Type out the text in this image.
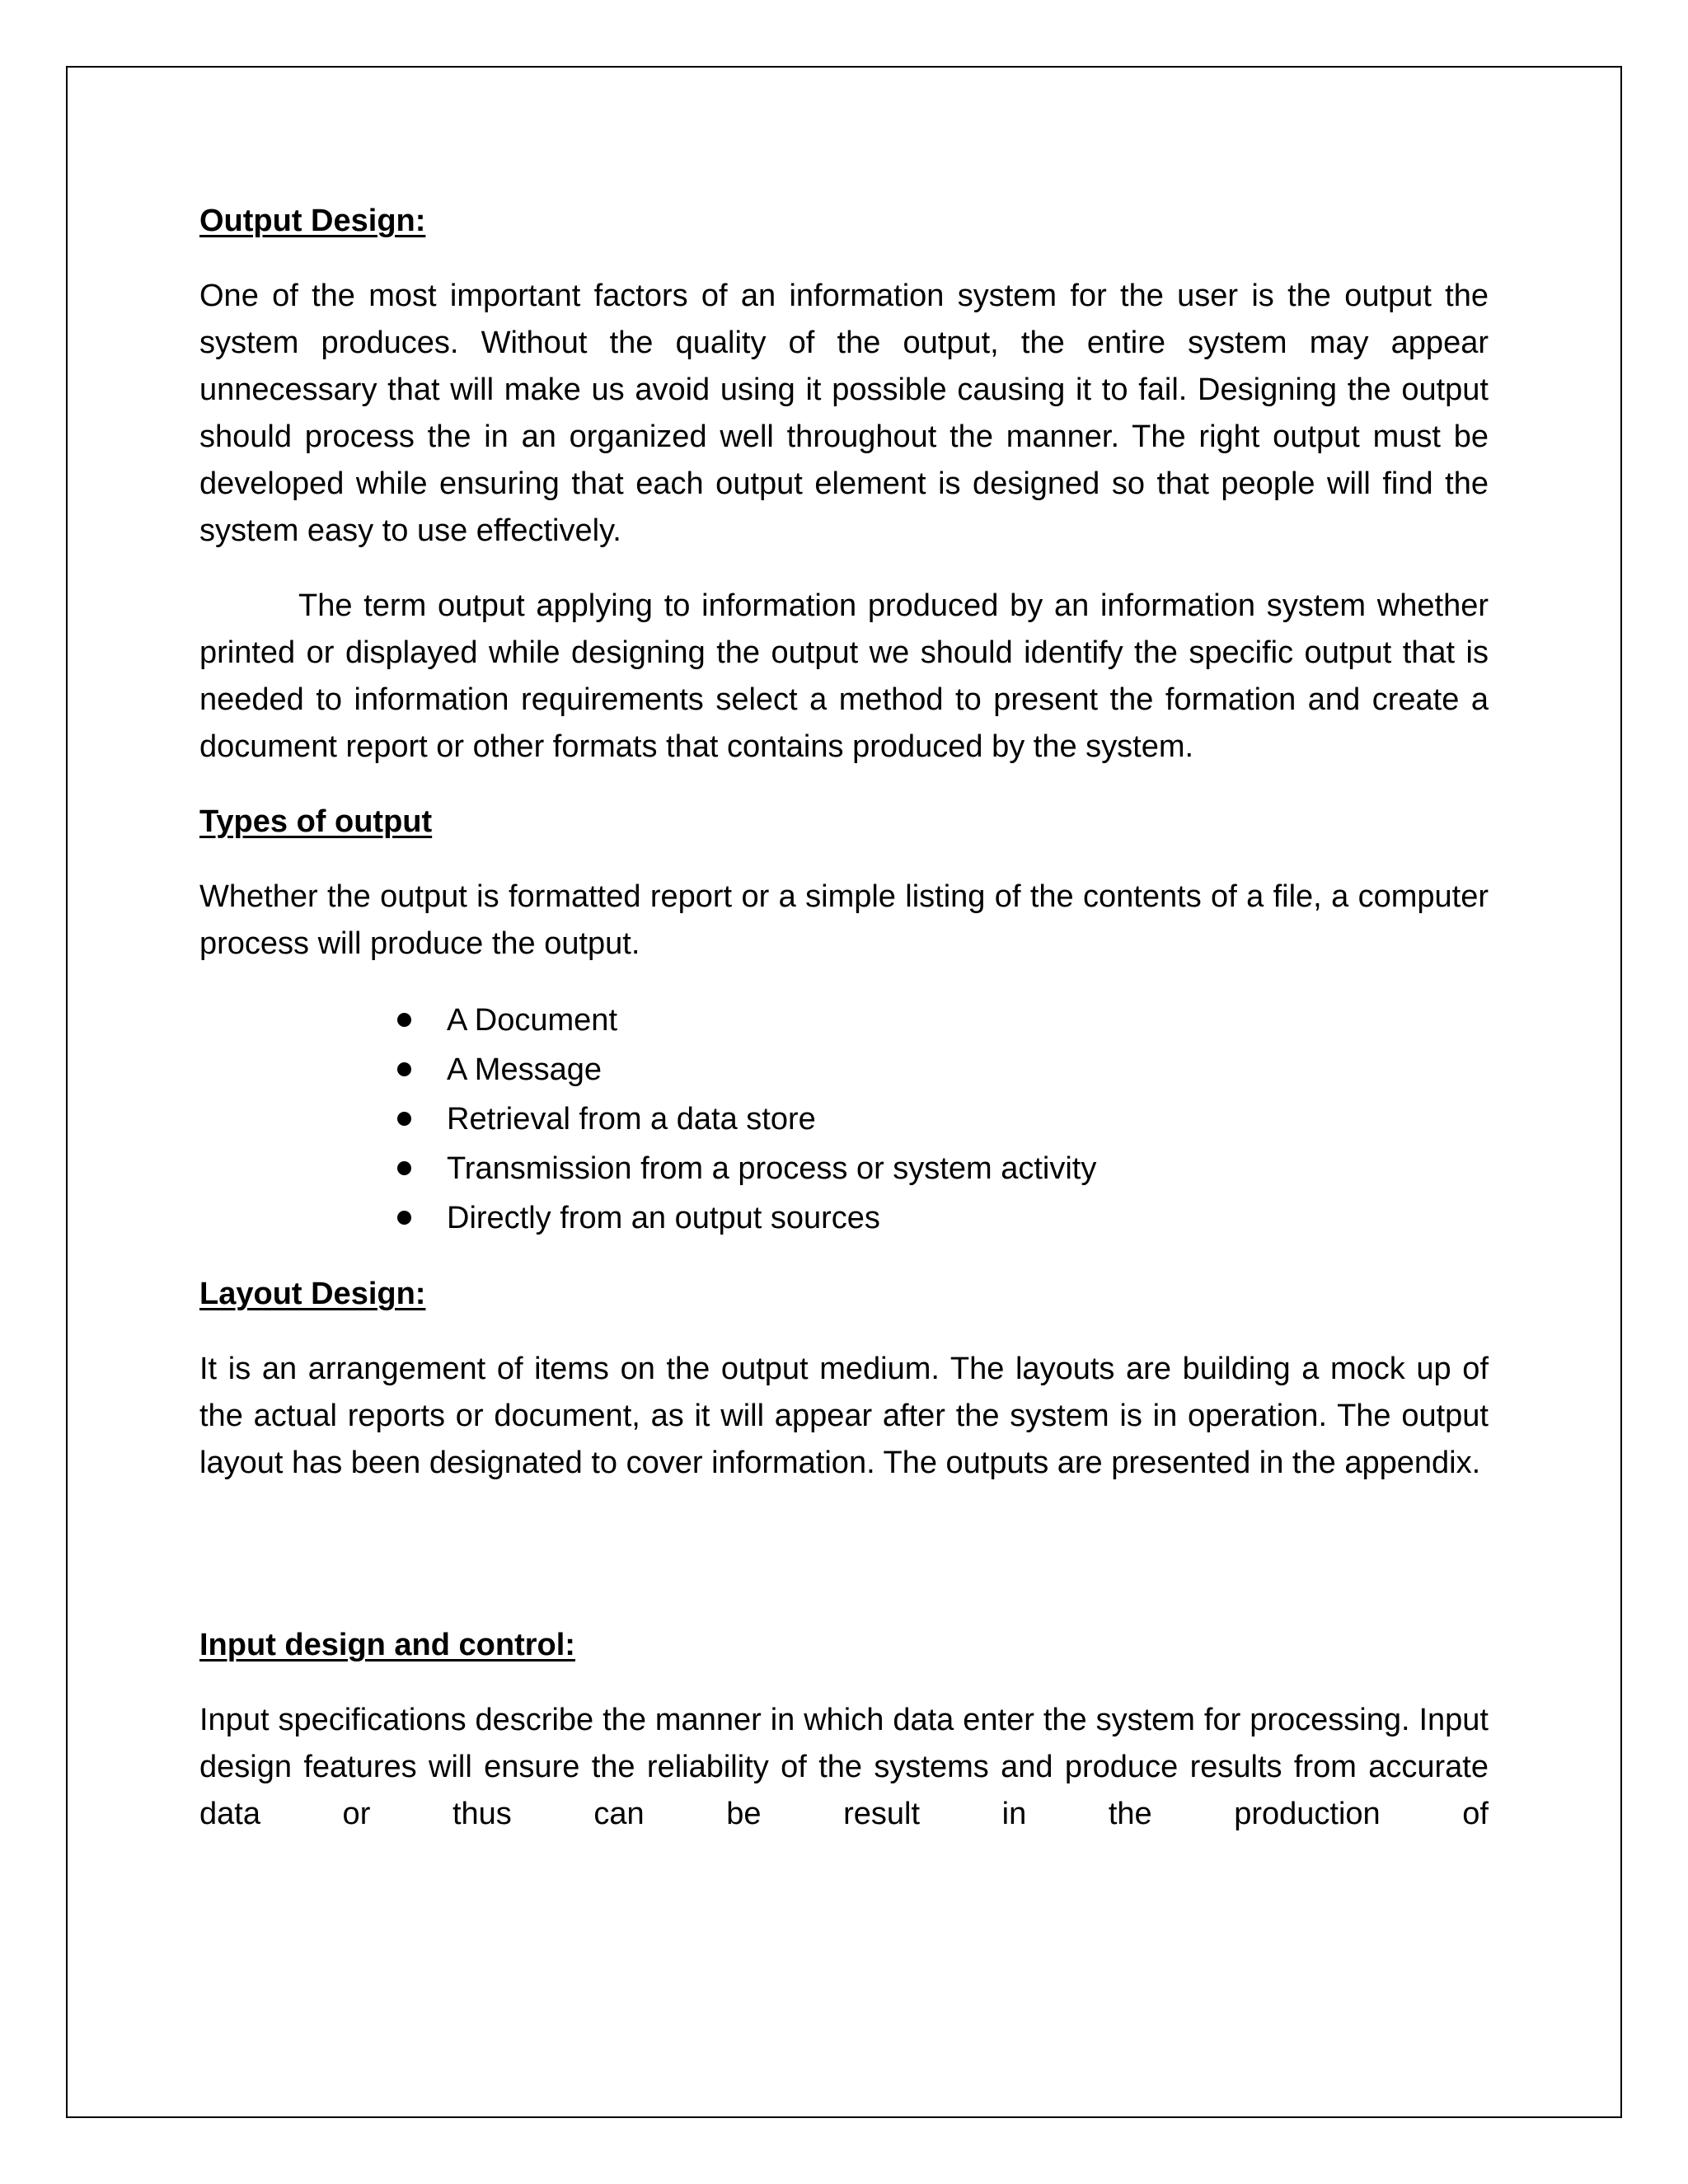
Output Design:

One of the most important factors of an information system for the user is the output the system produces. Without the quality of the output, the entire system may appear unnecessary that will make us avoid using it possible causing it to fail. Designing the output should process the in an organized well throughout the manner. The right output must be developed while ensuring that each output element is designed so that people will find the system easy to use effectively.

The term output applying to information produced by an information system whether printed or displayed while designing the output we should identify the specific output that is needed to information requirements select a method to present the formation and create a document report or other formats that contains produced by the system.

Types of output

Whether the output is formatted report or a simple listing of the contents of a file, a computer process will produce the output.

A Document
A Message
Retrieval from a data store
Transmission from a process or system activity
Directly from an output sources
Layout Design:

It is an arrangement of items on the output medium. The layouts are building a mock up of the actual reports or document, as it will appear after the system is in operation. The output layout has been designated to cover information. The outputs are presented in the appendix.

Input design and control:

Input specifications describe the manner in which data enter the system for processing. Input design features will ensure the reliability of the systems and produce results from accurate data or thus can be result in the production of
